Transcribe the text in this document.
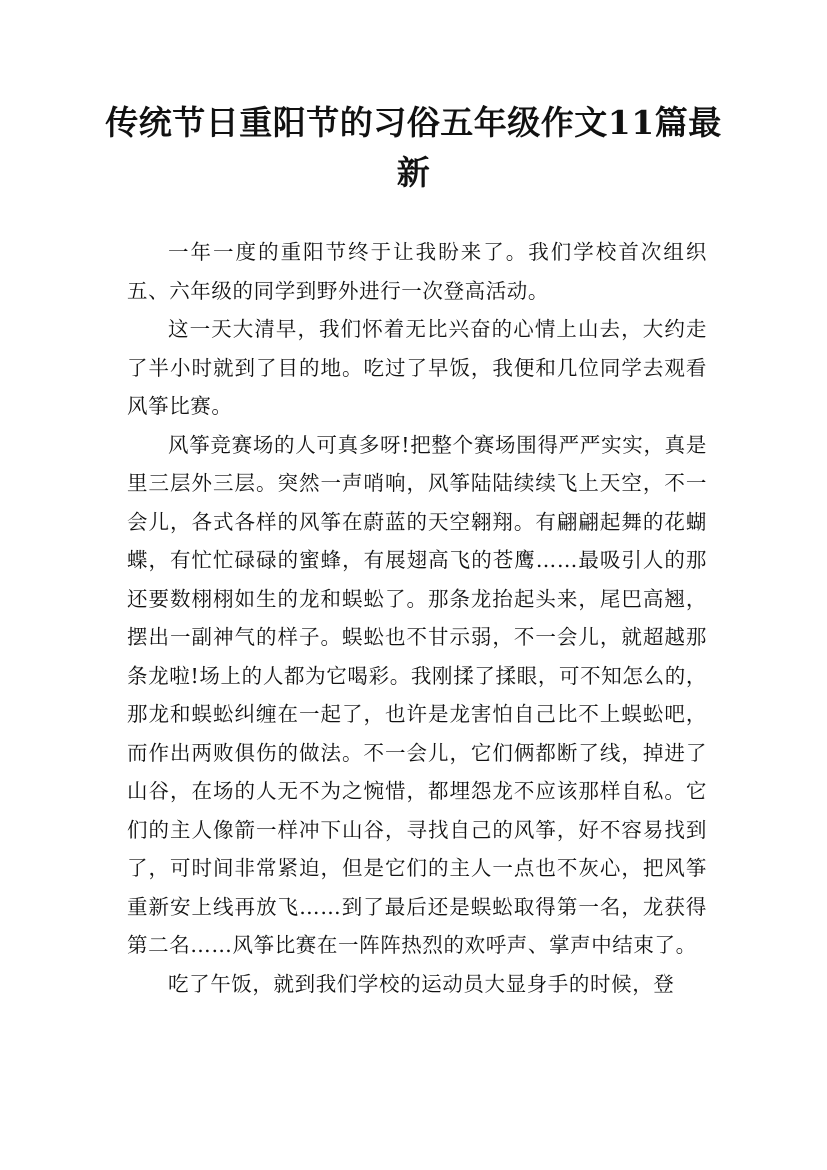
传统节日重阳节的习俗五年级作文11篇最新

一年一度的重阳节终于让我盼来了。我们学校首次组织五、六年级的同学到野外进行一次登高活动。

这一天大清早，我们怀着无比兴奋的心情上山去，大约走了半小时就到了目的地。吃过了早饭，我便和几位同学去观看风筝比赛。

风筝竞赛场的人可真多呀!把整个赛场围得严严实实，真是里三层外三层。突然一声哨响，风筝陆陆续续飞上天空，不一会儿，各式各样的风筝在蔚蓝的天空翱翔。有翩翩起舞的花蝴蝶，有忙忙碌碌的蜜蜂，有展翅高飞的苍鹰……最吸引人的那还要数栩栩如生的龙和蜈蚣了。那条龙抬起头来，尾巴高翘，摆出一副神气的样子。蜈蚣也不甘示弱，不一会儿，就超越那条龙啦!场上的人都为它喝彩。我刚揉了揉眼，可不知怎么的，那龙和蜈蚣纠缠在一起了，也许是龙害怕自己比不上蜈蚣吧，而作出两败俱伤的做法。不一会儿，它们俩都断了线，掉进了山谷，在场的人无不为之惋惜，都埋怨龙不应该那样自私。它们的主人像箭一样冲下山谷，寻找自己的风筝，好不容易找到了，可时间非常紧迫，但是它们的主人一点也不灰心，把风筝重新安上线再放飞……到了最后还是蜈蚣取得第一名，龙获得第二名……风筝比赛在一阵阵热烈的欢呼声、掌声中结束了。

吃了午饭，就到我们学校的运动员大显身手的时候，登
